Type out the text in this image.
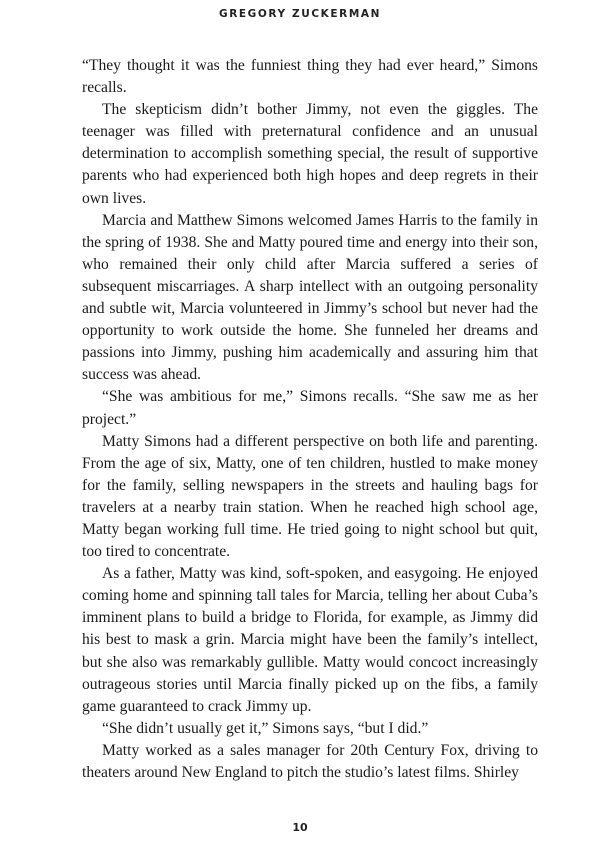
GREGORY ZUCKERMAN

“They thought it was the funniest thing they had ever heard,” Simons recalls.

The skepticism didn’t bother Jimmy, not even the giggles. The teenager was filled with preternatural confidence and an unusual determination to accomplish something special, the result of supportive parents who had experienced both high hopes and deep regrets in their own lives.

Marcia and Matthew Simons welcomed James Harris to the family in the spring of 1938. She and Matty poured time and energy into their son, who remained their only child after Marcia suffered a series of subsequent miscarriages. A sharp intellect with an outgoing personality and subtle wit, Marcia volunteered in Jimmy’s school but never had the opportunity to work outside the home. She funneled her dreams and passions into Jimmy, pushing him academically and assuring him that success was ahead.

“She was ambitious for me,” Simons recalls. “She saw me as her project.”

Matty Simons had a different perspective on both life and parenting. From the age of six, Matty, one of ten children, hustled to make money for the family, selling newspapers in the streets and hauling bags for travelers at a nearby train station. When he reached high school age, Matty began working full time. He tried going to night school but quit, too tired to concentrate.

As a father, Matty was kind, soft-spoken, and easygoing. He enjoyed coming home and spinning tall tales for Marcia, telling her about Cuba’s imminent plans to build a bridge to Florida, for example, as Jimmy did his best to mask a grin. Marcia might have been the family’s intellect, but she also was remarkably gullible. Matty would concoct increasingly outrageous stories until Marcia finally picked up on the fibs, a family game guaranteed to crack Jimmy up.

“She didn’t usually get it,” Simons says, “but I did.”

Matty worked as a sales manager for 20th Century Fox, driving to theaters around New England to pitch the studio’s latest films. Shirley

10
